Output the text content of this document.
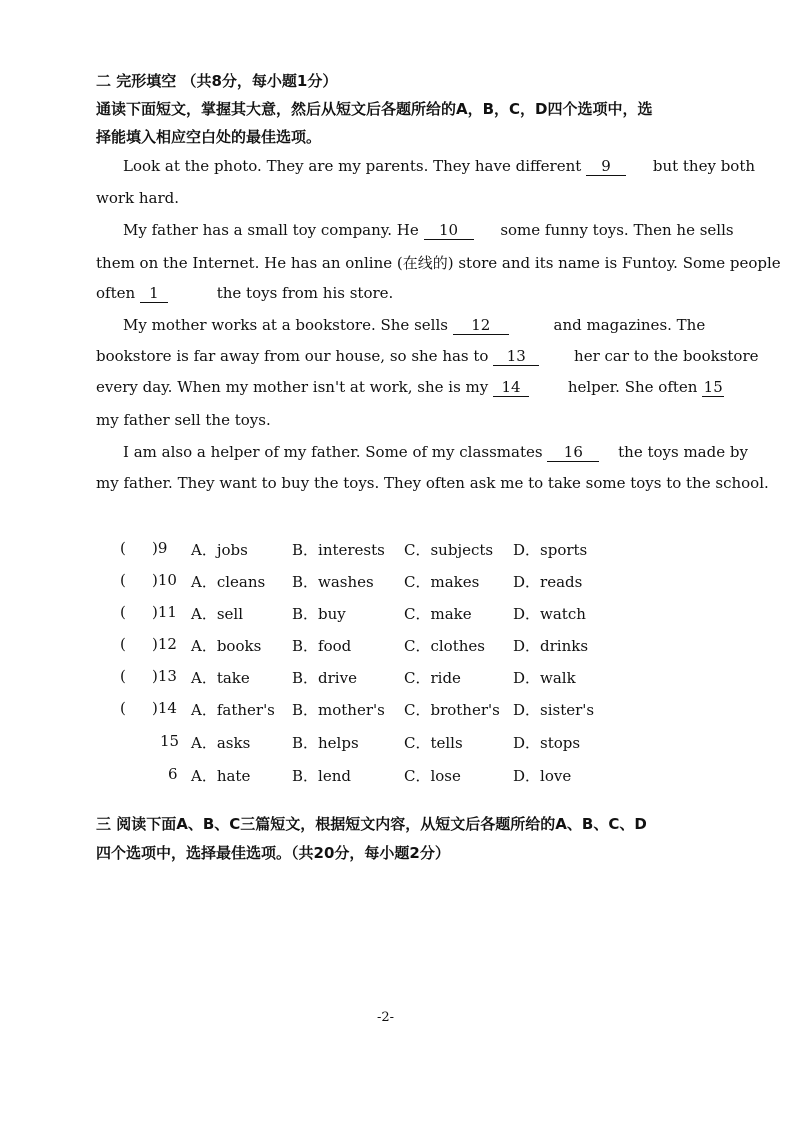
二 完形填空 （共8分，每小题1分）
通读下面短文，掌握其大意，然后从短文后各题所给的A，B，C，D四个选项中，选
择能填入相应空白处的最佳选项。
Look at the photo. They are my parents. They have different 9	but they both
work hard.
My father has a small toy company. He 10	some funny toys. Then he sells
them on the Internet. He has an online (在线的) store and its name is Funtoy. Some people
often 1	the toys from his store.
My mother works at a bookstore. She sells 12	and magazines. The
bookstore is far away from our house, so she has to 13	her car to the bookstore
every day. When my mother isn't at work, she is my 14	helper. She often 15
my father sell the toys.
I am also a helper of my father. Some of my classmates 16 the toys made by
my father. They want to buy the toys. They often ask me to take some toys to the school.
( )9 A．jobs	B．interests C．subjects D．sports
( )10 A．cleans B．washes C．makes D．reads
( )11 A．sell	B．buy	C．make	D．watch
( )12 A．books B．food	C．clothes D．drinks
( )13 A．take	B．drive	C．ride	D．walk
( )14 A．father's B．mother's C．brother's D．sister's
15 A．asks	B．helps	C．tells	D．stops
6 A．hate	B．lend	C．lose	D．love
三 阅读下面A、B、C三篇短文，根据短文内容，从短文后各题所给的A、B、C、D
四个选项中，选择最佳选项。（共20分，每小题2分）
-2-
